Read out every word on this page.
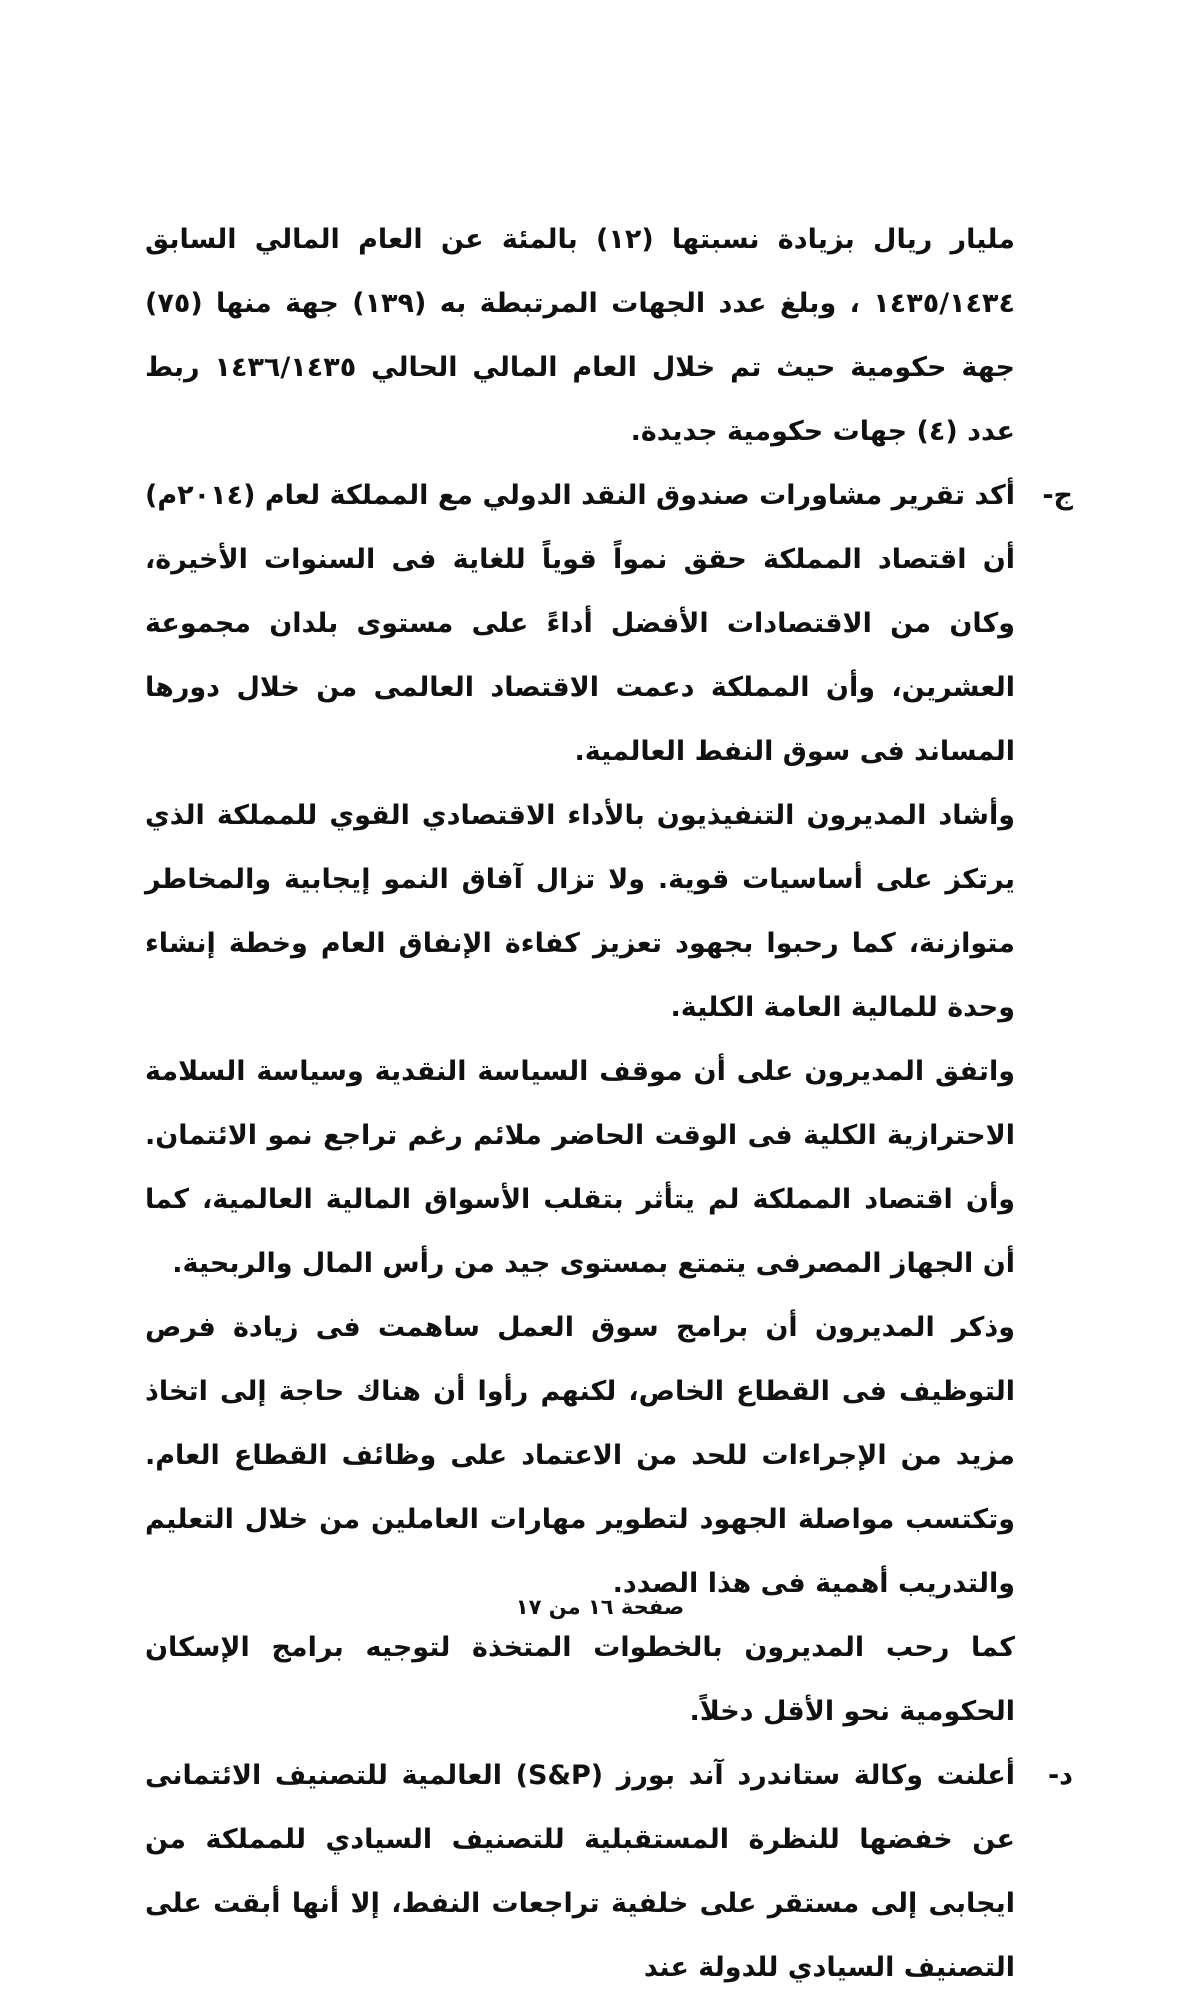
مليار ريال بزيادة نسبتها (١٢) بالمئة عن العام المالي السابق ١٤٣٥/١٤٣٤ ، وبلغ عدد الجهات المرتبطة به (١٣٩) جهة منها (٧٥) جهة حكومية حيث تم خلال العام المالي الحالي ١٤٣٦/١٤٣٥ ربط عدد (٤) جهات حكومية جديدة.

ج-

أكد تقرير مشاورات صندوق النقد الدولي مع المملكة لعام (٢٠١٤م) أن اقتصاد المملكة حقق نمواً قوياً للغاية فى السنوات الأخيرة، وكان من الاقتصادات الأفضل أداءً على مستوى بلدان مجموعة العشرين، وأن المملكة دعمت الاقتصاد العالمى من خلال دورها المساند فى سوق النفط العالمية.

وأشاد المديرون التنفيذيون بالأداء الاقتصادي القوي للمملكة الذي يرتكز على أساسيات قوية. ولا تزال آفاق النمو إيجابية والمخاطر متوازنة، كما رحبوا بجهود تعزيز كفاءة الإنفاق العام وخطة إنشاء وحدة للمالية العامة الكلية.

واتفق المديرون على أن موقف السياسة النقدية وسياسة السلامة الاحترازية الكلية فى الوقت الحاضر ملائم رغم تراجع نمو الائتمان. وأن اقتصاد المملكة لم يتأثر بتقلب الأسواق المالية العالمية، كما أن الجهاز المصرفى يتمتع بمستوى جيد من رأس المال والربحية.

وذكر المديرون أن برامج سوق العمل ساهمت فى زيادة فرص التوظيف فى القطاع الخاص، لكنهم رأوا أن هناك حاجة إلى اتخاذ مزيد من الإجراءات للحد من الاعتماد على وظائف القطاع العام. وتكتسب مواصلة الجهود لتطوير مهارات العاملين من خلال التعليم والتدريب أهمية فى هذا الصدد.

كما رحب المديرون بالخطوات المتخذة لتوجيه برامج الإسكان الحكومية نحو الأقل دخلاً.

د-

أعلنت وكالة ستاندرد آند بورز (S&P) العالمية للتصنيف الائتمانى عن خفضها للنظرة المستقبلية للتصنيف السيادي للمملكة من ايجابى إلى مستقر على خلفية تراجعات النفط، إلا أنها أبقت على التصنيف السيادي للدولة عند

صفحة ١٦ من ١٧
